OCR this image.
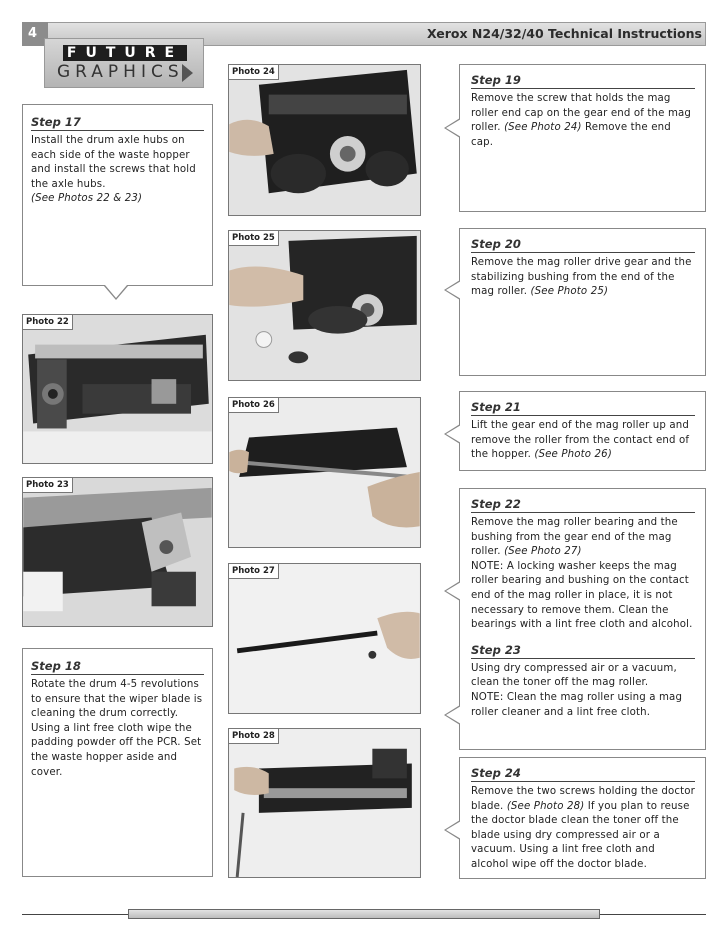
4	Xerox N24/32/40 Technical Instructions
FUTURE
GRAPHICS
Step 17
Install the drum axle hubs on each side of the waste hopper and install the screws that hold the axle hubs.
(See Photos 22 & 23)
Photo 22
Photo 23
Step 18
Rotate the drum 4-5 revolutions to ensure that the wiper blade is cleaning the drum correctly. Using a lint free cloth wipe the padding powder off the PCR. Set the waste hopper aside and cover.
Photo 24
Photo 25
Photo 26
Photo 27
Photo 28
Step 19
Remove the screw that holds the mag roller end cap on the gear end of the mag roller. (See Photo 24) Remove the end cap.
Step 20
Remove the mag roller drive gear and the stabilizing bushing from the end of the mag roller. (See Photo 25)
Step 21
Lift the gear end of the mag roller up and remove the roller from the contact end of the hopper. (See Photo 26)
Step 22
Remove the mag roller bearing and the bushing from the gear end of the mag roller. (See Photo 27)
NOTE: A locking washer keeps the mag roller bearing and bushing on the contact end of the mag roller in place, it is not necessary to remove them. Clean the bearings with a lint free cloth and alcohol.
Step 23
Using dry compressed air or a vacuum, clean the toner off the mag roller.
NOTE: Clean the mag roller using a mag roller cleaner and a lint free cloth.
Step 24
Remove the two screws holding the doctor blade. (See Photo 28) If you plan to reuse the doctor blade clean the toner off the blade using dry compressed air or a vacuum. Using a lint free cloth and alcohol wipe off the doctor blade.
